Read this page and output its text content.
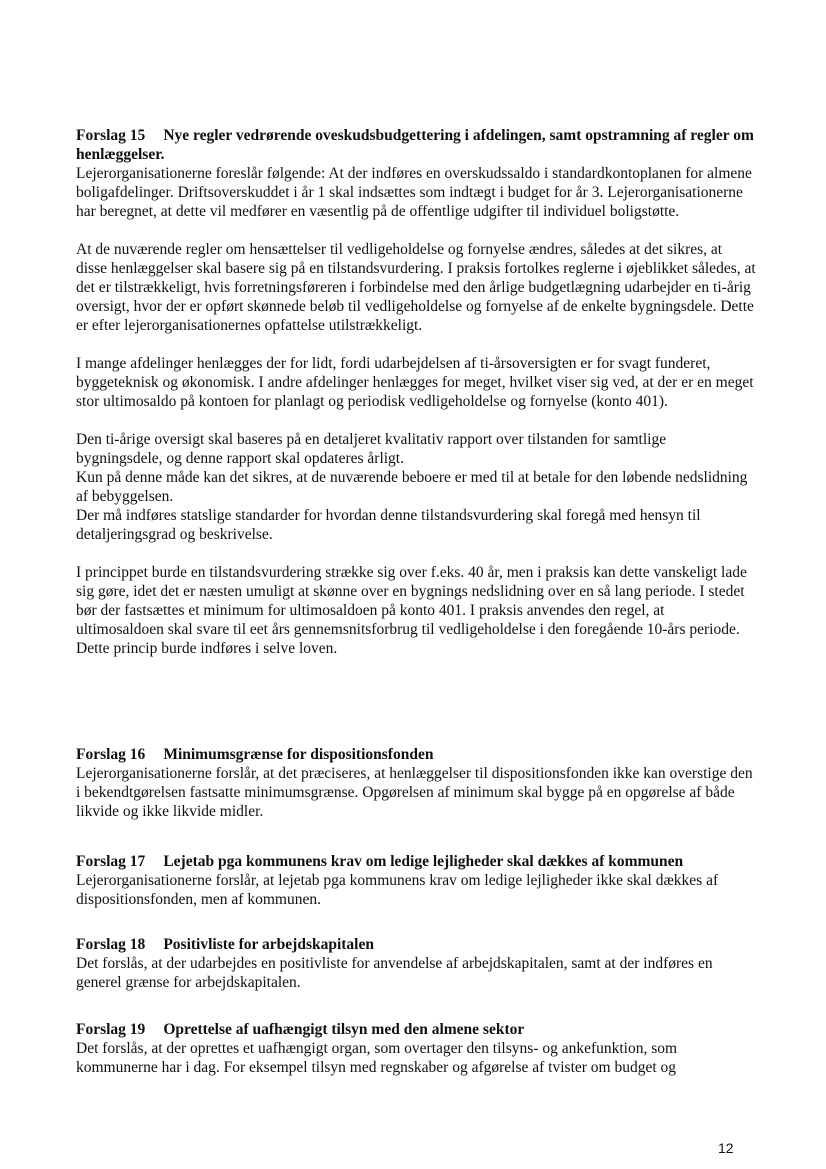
Forslag 15 Nye regler vedrørende oveskudsbudgettering i afdelingen, samt opstramning af regler om henlæggelser.

Lejerorganisationerne foreslår følgende: At der indføres en overskudssaldo i standardkontoplanen for almene boligafdelinger. Driftsoverskuddet i år 1 skal indsættes som indtægt i budget for år 3. Lejerorganisationerne har beregnet, at dette vil medfører en væsentlig på de offentlige udgifter til individuel boligstøtte.

At de nuværende regler om hensættelser til vedligeholdelse og fornyelse ændres, således at det sikres, at disse henlæggelser skal basere sig på en tilstandsvurdering. I praksis fortolkes reglerne i øjeblikket således, at det er tilstrækkeligt, hvis forretningsføreren i forbindelse med den årlige budgetlægning udarbejder en ti-årig oversigt, hvor der er opført skønnede beløb til vedligeholdelse og fornyelse af de enkelte bygningsdele. Dette er efter lejerorganisationernes opfattelse utilstrækkeligt.

I mange afdelinger henlægges der for lidt, fordi udarbejdelsen af ti-årsoversigten er for svagt funderet, byggeteknisk og økonomisk. I andre afdelinger henlægges for meget, hvilket viser sig ved, at der er en meget stor ultimosaldo på kontoen for planlagt og periodisk vedligeholdelse og fornyelse (konto 401).

Den ti-årige oversigt skal baseres på en detaljeret kvalitativ rapport over tilstanden for samtlige bygningsdele, og denne rapport skal opdateres årligt.

Kun på denne måde kan det sikres, at de nuværende beboere er med til at betale for den løbende nedslidning af bebyggelsen.

Der må indføres statslige standarder for hvordan denne tilstandsvurdering skal foregå med hensyn til detaljeringsgrad og beskrivelse.

I princippet burde en tilstandsvurdering strække sig over f.eks. 40 år, men i praksis kan dette vanskeligt lade sig gøre, idet det er næsten umuligt at skønne over en bygnings nedslidning over en så lang periode. I stedet bør der fastsættes et minimum for ultimosaldoen på konto 401. I praksis anvendes den regel, at ultimosaldoen skal svare til eet års gennemsnitsforbrug til vedligeholdelse i den foregående 10-års periode. Dette princip burde indføres i selve loven.

Forslag 16 Minimumsgrænse for dispositionsfonden

Lejerorganisationerne forslår, at det præciseres, at henlæggelser til dispositionsfonden ikke kan overstige den i bekendtgørelsen fastsatte minimumsgrænse. Opgørelsen af minimum skal bygge på en opgørelse af både likvide og ikke likvide midler.

Forslag 17 Lejetab pga kommunens krav om ledige lejligheder skal dækkes af kommunen

Lejerorganisationerne forslår, at lejetab pga kommunens krav om ledige lejligheder ikke skal dækkes af dispositionsfonden, men af kommunen.

Forslag 18 Positivliste for arbejdskapitalen

Det forslås, at der udarbejdes en positivliste for anvendelse af arbejdskapitalen, samt at der indføres en generel grænse for arbejdskapitalen.

Forslag 19 Oprettelse af uafhængigt tilsyn med den almene sektor

Det forslås, at der oprettes et uafhængigt organ, som overtager den tilsyns- og ankefunktion, som kommunerne har i dag. For eksempel tilsyn med regnskaber og afgørelse af tvister om budget og

12
